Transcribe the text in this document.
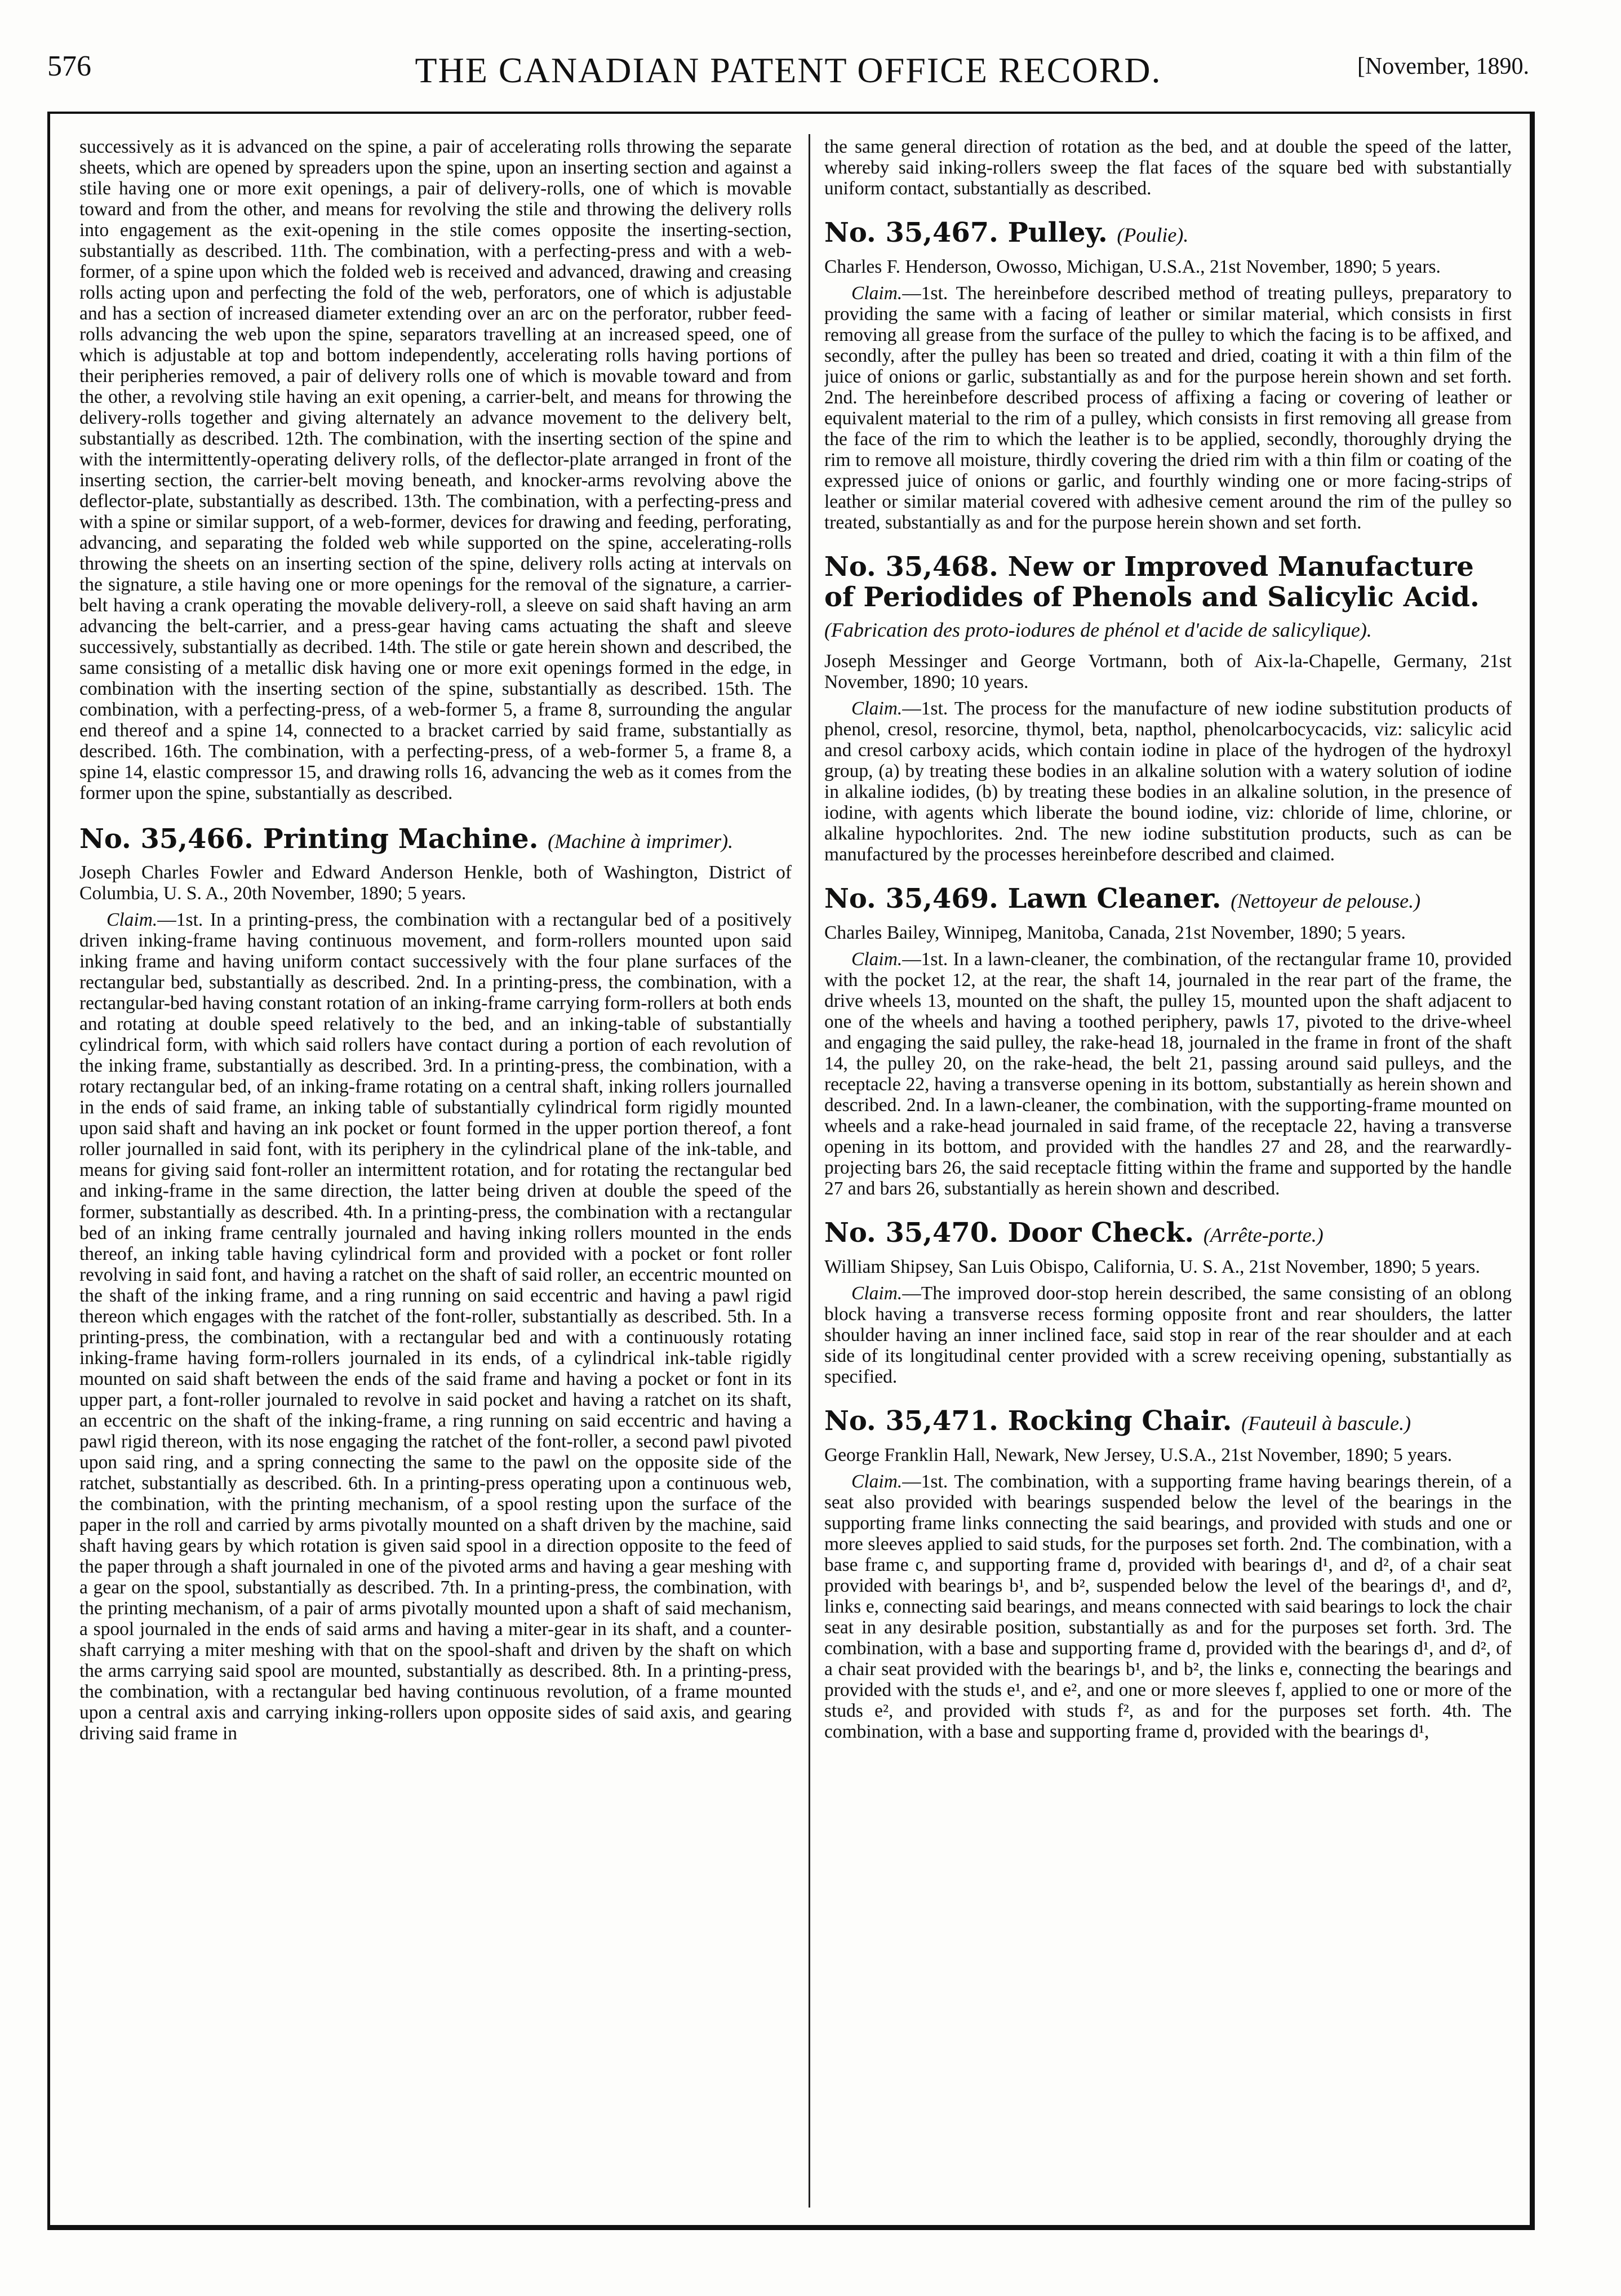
576	THE CANADIAN PATENT OFFICE RECORD.	[November, 1890.

successively as it is advanced on the spine, a pair of accelerating rolls throwing the separate sheets, which are opened by spreaders upon the spine, upon an inserting section and against a stile having one or more exit openings, a pair of delivery-rolls, one of which is movable toward and from the other, and means for revolving the stile and throwing the delivery rolls into engagement as the exit-opening in the stile comes opposite the inserting-section, substantially as described. 11th. The combination, with a perfecting-press and with a web-former, of a spine upon which the folded web is received and advanced, drawing and creasing rolls acting upon and perfecting the fold of the web, perforators, one of which is adjustable and has a section of increased diameter extending over an arc on the perforator, rubber feed-rolls advancing the web upon the spine, separators travelling at an increased speed, one of which is adjustable at top and bottom independently, accelerating rolls having portions of their peripheries removed, a pair of delivery rolls one of which is movable toward and from the other, a revolving stile having an exit opening, a carrier-belt, and means for throwing the delivery-rolls together and giving alternately an advance movement to the delivery belt, substantially as described. 12th. The combination, with the inserting section of the spine and with the intermittently-operating delivery rolls, of the deflector-plate arranged in front of the inserting section, the carrier-belt moving beneath, and knocker-arms revolving above the deflector-plate, substantially as described. 13th. The combination, with a perfecting-press and with a spine or similar support, of a web-former, devices for drawing and feeding, perforating, advancing, and separating the folded web while supported on the spine, accelerating-rolls throwing the sheets on an inserting section of the spine, delivery rolls acting at intervals on the signature, a stile having one or more openings for the removal of the signature, a carrier-belt having a crank operating the movable delivery-roll, a sleeve on said shaft having an arm advancing the belt-carrier, and a press-gear having cams actuating the shaft and sleeve successively, substantially as decribed. 14th. The stile or gate herein shown and described, the same consisting of a metallic disk having one or more exit openings formed in the edge, in combination with the inserting section of the spine, substantially as described. 15th. The combination, with a perfecting-press, of a web-former 5, a frame 8, surrounding the angular end thereof and a spine 14, connected to a bracket carried by said frame, substantially as described. 16th. The combination, with a perfecting-press, of a web-former 5, a frame 8, a spine 14, elastic compressor 15, and drawing rolls 16, advancing the web as it comes from the former upon the spine, substantially as described.

No. 35,466. Printing Machine. (Machine à imprimer).

Joseph Charles Fowler and Edward Anderson Henkle, both of Washington, District of Columbia, U. S. A., 20th November, 1890; 5 years.

Claim.—1st. In a printing-press, the combination with a rectangular bed of a positively driven inking-frame having continuous movement, and form-rollers mounted upon said inking frame and having uniform contact successively with the four plane surfaces of the rectangular bed, substantially as described. 2nd. In a printing-press, the combination, with a rectangular-bed having constant rotation of an inking-frame carrying form-rollers at both ends and rotating at double speed relatively to the bed, and an inking-table of substantially cylindrical form, with which said rollers have contact during a portion of each revolution of the inking frame, substantially as described. 3rd. In a printing-press, the combination, with a rotary rectangular bed, of an inking-frame rotating on a central shaft, inking rollers journalled in the ends of said frame, an inking table of substantially cylindrical form rigidly mounted upon said shaft and having an ink pocket or fount formed in the upper portion thereof, a font roller journalled in said font, with its periphery in the cylindrical plane of the ink-table, and means for giving said font-roller an intermittent rotation, and for rotating the rectangular bed and inking-frame in the same direction, the latter being driven at double the speed of the former, substantially as described. 4th. In a printing-press, the combination with a rectangular bed of an inking frame centrally journaled and having inking rollers mounted in the ends thereof, an inking table having cylindrical form and provided with a pocket or font roller revolving in said font, and having a ratchet on the shaft of said roller, an eccentric mounted on the shaft of the inking frame, and a ring running on said eccentric and having a pawl rigid thereon which engages with the ratchet of the font-roller, substantially as described. 5th. In a printing-press, the combination, with a rectangular bed and with a continuously rotating inking-frame having form-rollers journaled in its ends, of a cylindrical ink-table rigidly mounted on said shaft between the ends of the said frame and having a pocket or font in its upper part, a font-roller journaled to revolve in said pocket and having a ratchet on its shaft, an eccentric on the shaft of the inking-frame, a ring running on said eccentric and having a pawl rigid thereon, with its nose engaging the ratchet of the font-roller, a second pawl pivoted upon said ring, and a spring connecting the same to the pawl on the opposite side of the ratchet, substantially as described. 6th. In a printing-press operating upon a continuous web, the combination, with the printing mechanism, of a spool resting upon the surface of the paper in the roll and carried by arms pivotally mounted on a shaft driven by the machine, said shaft having gears by which rotation is given said spool in a direction opposite to the feed of the paper through a shaft journaled in one of the pivoted arms and having a gear meshing with a gear on the spool, substantially as described. 7th. In a printing-press, the combination, with the printing mechanism, of a pair of arms pivotally mounted upon a shaft of said mechanism, a spool journaled in the ends of said arms and having a miter-gear in its shaft, and a counter-shaft carrying a miter meshing with that on the spool-shaft and driven by the shaft on which the arms carrying said spool are mounted, substantially as described. 8th. In a printing-press, the combination, with a rectangular bed having continuous revolution, of a frame mounted upon a central axis and carrying inking-rollers upon opposite sides of said axis, and gearing driving said frame in

the same general direction of rotation as the bed, and at double the speed of the latter, whereby said inking-rollers sweep the flat faces of the square bed with substantially uniform contact, substantially as described.

No. 35,467. Pulley. (Poulie).

Charles F. Henderson, Owosso, Michigan, U.S.A., 21st November, 1890; 5 years.

Claim.—1st. The hereinbefore described method of treating pulleys, preparatory to providing the same with a facing of leather or similar material, which consists in first removing all grease from the surface of the pulley to which the facing is to be affixed, and secondly, after the pulley has been so treated and dried, coating it with a thin film of the juice of onions or garlic, substantially as and for the purpose herein shown and set forth. 2nd. The hereinbefore described process of affixing a facing or covering of leather or equivalent material to the rim of a pulley, which consists in first removing all grease from the face of the rim to which the leather is to be applied, secondly, thoroughly drying the rim to remove all moisture, thirdly covering the dried rim with a thin film or coating of the expressed juice of onions or garlic, and fourthly winding one or more facing-strips of leather or similar material covered with adhesive cement around the rim of the pulley so treated, substantially as and for the purpose herein shown and set forth.

No. 35,468. New or Improved Manufacture of Periodides of Phenols and Salicylic Acid. (Fabrication des proto-iodures de phénol et d'acide de salicylique).

Joseph Messinger and George Vortmann, both of Aix-la-Chapelle, Germany, 21st November, 1890; 10 years.

Claim.—1st. The process for the manufacture of new iodine substitution products of phenol, cresol, resorcine, thymol, beta, napthol, phenolcarbocycacids, viz: salicylic acid and cresol carboxy acids, which contain iodine in place of the hydrogen of the hydroxyl group, (a) by treating these bodies in an alkaline solution with a watery solution of iodine in alkaline iodides, (b) by treating these bodies in an alkaline solution, in the presence of iodine, with agents which liberate the bound iodine, viz: chloride of lime, chlorine, or alkaline hypochlorites. 2nd. The new iodine substitution products, such as can be manufactured by the processes hereinbefore described and claimed.

No. 35,469. Lawn Cleaner. (Nettoyeur de pelouse.)

Charles Bailey, Winnipeg, Manitoba, Canada, 21st November, 1890; 5 years.

Claim.—1st. In a lawn-cleaner, the combination, of the rectangular frame 10, provided with the pocket 12, at the rear, the shaft 14, journaled in the rear part of the frame, the drive wheels 13, mounted on the shaft, the pulley 15, mounted upon the shaft adjacent to one of the wheels and having a toothed periphery, pawls 17, pivoted to the drive-wheel and engaging the said pulley, the rake-head 18, journaled in the frame in front of the shaft 14, the pulley 20, on the rake-head, the belt 21, passing around said pulleys, and the receptacle 22, having a transverse opening in its bottom, substantially as herein shown and described. 2nd. In a lawn-cleaner, the combination, with the supporting-frame mounted on wheels and a rake-head journaled in said frame, of the receptacle 22, having a transverse opening in its bottom, and provided with the handles 27 and 28, and the rearwardly-projecting bars 26, the said receptacle fitting within the frame and supported by the handle 27 and bars 26, substantially as herein shown and described.

No. 35,470. Door Check. (Arrête-porte.)

William Shipsey, San Luis Obispo, California, U. S. A., 21st November, 1890; 5 years.

Claim.—The improved door-stop herein described, the same consisting of an oblong block having a transverse recess forming opposite front and rear shoulders, the latter shoulder having an inner inclined face, said stop in rear of the rear shoulder and at each side of its longitudinal center provided with a screw receiving opening, substantially as specified.

No. 35,471. Rocking Chair. (Fauteuil à bascule.)

George Franklin Hall, Newark, New Jersey, U.S.A., 21st November, 1890; 5 years.

Claim.—1st. The combination, with a supporting frame having bearings therein, of a seat also provided with bearings suspended below the level of the bearings in the supporting frame links connecting the said bearings, and provided with studs and one or more sleeves applied to said studs, for the purposes set forth. 2nd. The combination, with a base frame c, and supporting frame d, provided with bearings d¹, and d², of a chair seat provided with bearings b¹, and b², suspended below the level of the bearings d¹, and d², links e, connecting said bearings, and means connected with said bearings to lock the chair seat in any desirable position, substantially as and for the purposes set forth. 3rd. The combination, with a base and supporting frame d, provided with the bearings d¹, and d², of a chair seat provided with the bearings b¹, and b², the links e, connecting the bearings and provided with the studs e¹, and e², and one or more sleeves f, applied to one or more of the studs e², and provided with studs f², as and for the purposes set forth. 4th. The combination, with a base and supporting frame d, provided with the bearings d¹,
